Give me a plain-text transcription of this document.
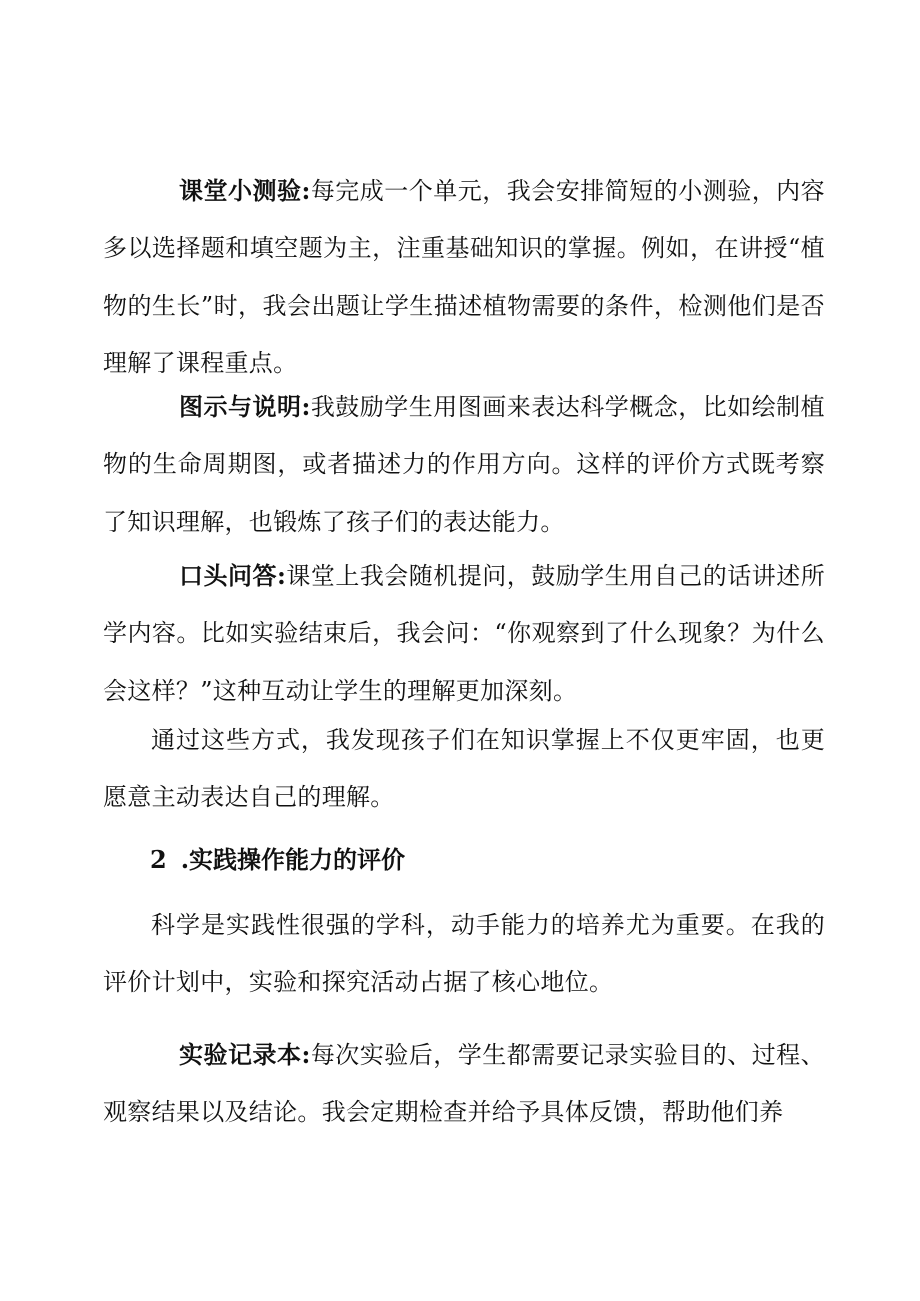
课堂小测验:每完成一个单元，我会安排简短的小测验，内容多以选择题和填空题为主，注重基础知识的掌握。例如，在讲授“植物的生长”时，我会出题让学生描述植物需要的条件，检测他们是否理解了课程重点。

图示与说明:我鼓励学生用图画来表达科学概念，比如绘制植物的生命周期图，或者描述力的作用方向。这样的评价方式既考察了知识理解，也锻炼了孩子们的表达能力。

口头问答:课堂上我会随机提问，鼓励学生用自己的话讲述所学内容。比如实验结束后，我会问：“你观察到了什么现象？为什么会这样？”这种互动让学生的理解更加深刻。

通过这些方式，我发现孩子们在知识掌握上不仅更牢固，也更愿意主动表达自己的理解。

2 .实践操作能力的评价

科学是实践性很强的学科，动手能力的培养尤为重要。在我的评价计划中，实验和探究活动占据了核心地位。

实验记录本:每次实验后，学生都需要记录实验目的、过程、观察结果以及结论。我会定期检查并给予具体反馈，帮助他们养
